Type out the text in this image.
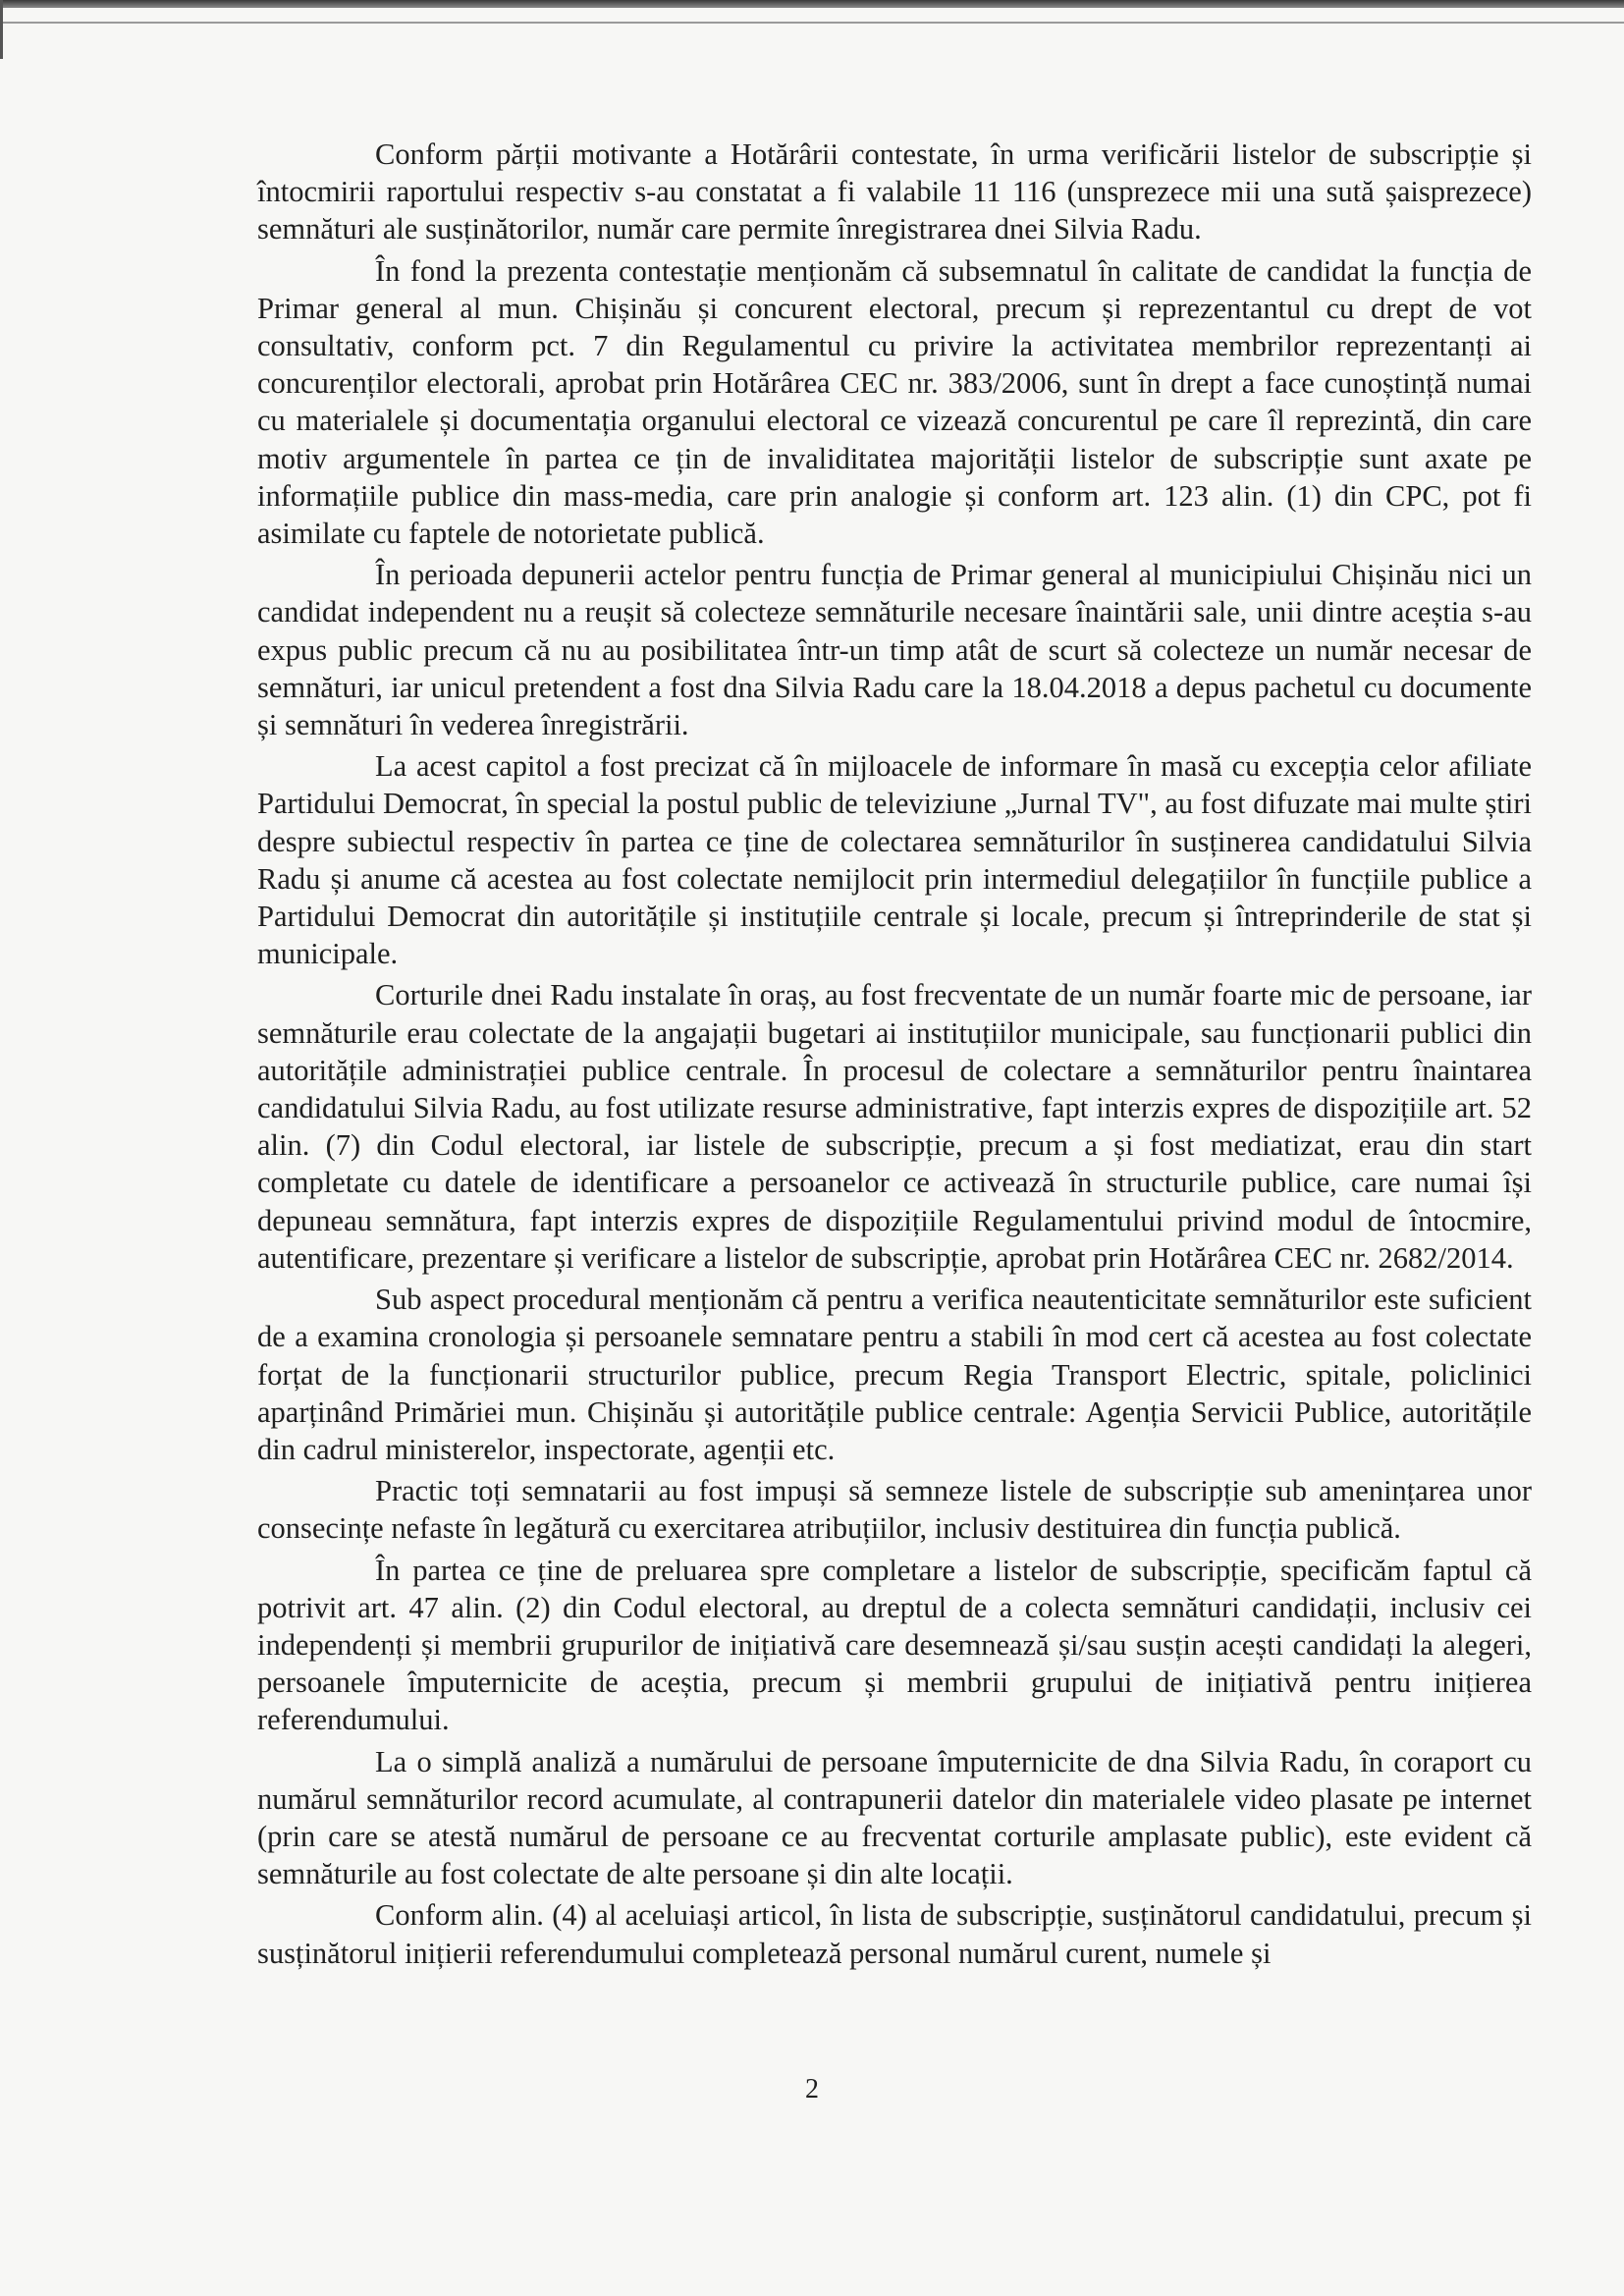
Conform părții motivante a Hotărârii contestate, în urma verificării listelor de subscripție și întocmirii raportului respectiv s-au constatat a fi valabile 11 116 (unsprezece mii una sută șaisprezece) semnături ale susținătorilor, număr care permite înregistrarea dnei Silvia Radu.

În fond la prezenta contestație menționăm că subsemnatul în calitate de candidat la funcția de Primar general al mun. Chișinău și concurent electoral, precum și reprezentantul cu drept de vot consultativ, conform pct. 7 din Regulamentul cu privire la activitatea membrilor reprezentanți ai concurenților electorali, aprobat prin Hotărârea CEC nr. 383/2006, sunt în drept a face cunoștință numai cu materialele și documentația organului electoral ce vizează concurentul pe care îl reprezintă, din care motiv argumentele în partea ce țin de invaliditatea majorității listelor de subscripție sunt axate pe informațiile publice din mass-media, care prin analogie și conform art. 123 alin. (1) din CPC, pot fi asimilate cu faptele de notorietate publică.

În perioada depunerii actelor pentru funcția de Primar general al municipiului Chișinău nici un candidat independent nu a reușit să colecteze semnăturile necesare înaintării sale, unii dintre aceștia s-au expus public precum că nu au posibilitatea într-un timp atât de scurt să colecteze un număr necesar de semnături, iar unicul pretendent a fost dna Silvia Radu care la 18.04.2018 a depus pachetul cu documente și semnături în vederea înregistrării.

La acest capitol a fost precizat că în mijloacele de informare în masă cu excepția celor afiliate Partidului Democrat, în special la postul public de televiziune „Jurnal TV", au fost difuzate mai multe știri despre subiectul respectiv în partea ce ține de colectarea semnăturilor în susținerea candidatului Silvia Radu și anume că acestea au fost colectate nemijlocit prin intermediul delegațiilor în funcțiile publice a Partidului Democrat din autoritățile și instituțiile centrale și locale, precum și întreprinderile de stat și municipale.

Corturile dnei Radu instalate în oraș, au fost frecventate de un număr foarte mic de persoane, iar semnăturile erau colectate de la angajații bugetari ai instituțiilor municipale, sau funcționarii publici din autoritățile administrației publice centrale. În procesul de colectare a semnăturilor pentru înaintarea candidatului Silvia Radu, au fost utilizate resurse administrative, fapt interzis expres de dispozițiile art. 52 alin. (7) din Codul electoral, iar listele de subscripție, precum a și fost mediatizat, erau din start completate cu datele de identificare a persoanelor ce activează în structurile publice, care numai își depuneau semnătura, fapt interzis expres de dispozițiile Regulamentului privind modul de întocmire, autentificare, prezentare și verificare a listelor de subscripție, aprobat prin Hotărârea CEC nr. 2682/2014.

Sub aspect procedural menționăm că pentru a verifica neautenticitate semnăturilor este suficient de a examina cronologia și persoanele semnatare pentru a stabili în mod cert că acestea au fost colectate forțat de la funcționarii structurilor publice, precum Regia Transport Electric, spitale, policlinici aparținând Primăriei mun. Chișinău și autoritățile publice centrale: Agenția Servicii Publice, autoritățile din cadrul ministerelor, inspectorate, agenții etc.

Practic toți semnatarii au fost impuși să semneze listele de subscripție sub amenințarea unor consecințe nefaste în legătură cu exercitarea atribuțiilor, inclusiv destituirea din funcția publică.

În partea ce ține de preluarea spre completare a listelor de subscripție, specificăm faptul că potrivit art. 47 alin. (2) din Codul electoral, au dreptul de a colecta semnături candidații, inclusiv cei independenți și membrii grupurilor de inițiativă care desemnează și/sau susțin acești candidați la alegeri, persoanele împuternicite de aceștia, precum și membrii grupului de inițiativă pentru inițierea referendumului.

La o simplă analiză a numărului de persoane împuternicite de dna Silvia Radu, în coraport cu numărul semnăturilor record acumulate, al contrapunerii datelor din materialele video plasate pe internet (prin care se atestă numărul de persoane ce au frecventat corturile amplasate public), este evident că semnăturile au fost colectate de alte persoane și din alte locații.

Conform alin. (4) al aceluiași articol, în lista de subscripție, susținătorul candidatului, precum și susținătorul inițierii referendumului completează personal numărul curent, numele și

2
